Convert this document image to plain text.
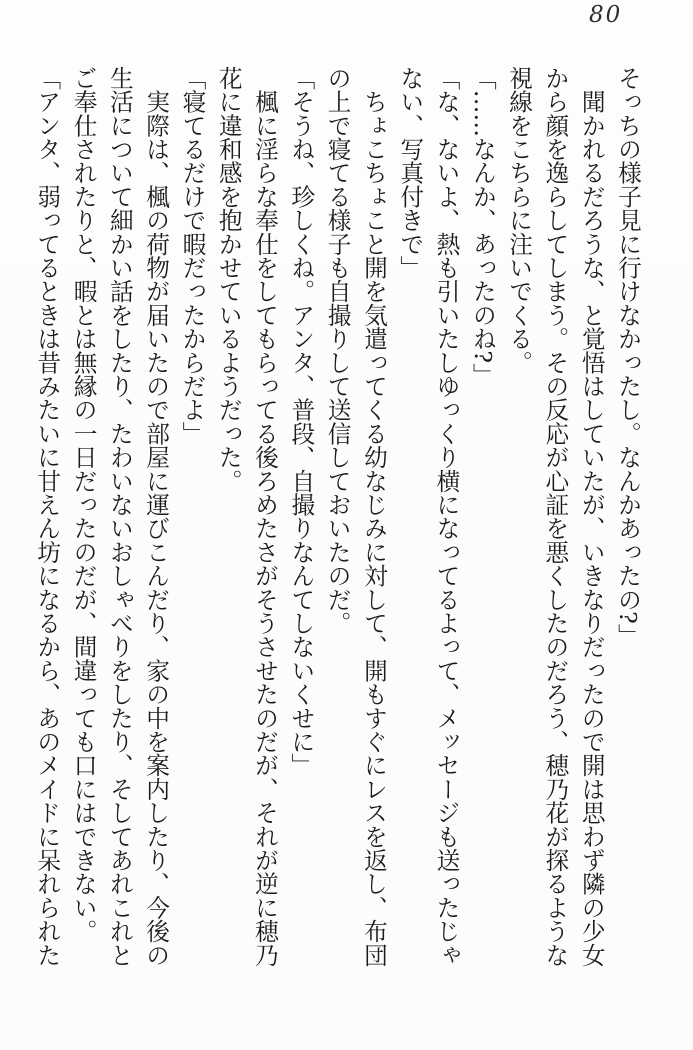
80
そっちの様子見に行けなかったし。なんかあったの?」
　聞かれるだろうな、と覚悟はしていたが、いきなりだったので開は思わず隣の少女
から顔を逸らしてしまう。その反応が心証を悪くしたのだろう、穂乃花が探るような
視線をこちらに注いでくる。
「……なんか、あったのね?」
「な、ないよ、熱も引いたしゆっくり横になってるよって、メッセージも送ったじゃ
ない、写真付きで」
　ちょこちょこと開を気遣ってくる幼なじみに対して、開もすぐにレスを返し、布団
の上で寝てる様子も自撮りして送信しておいたのだ。
「そうね、珍しくね。アンタ、普段、自撮りなんてしないくせに」
　楓に淫らな奉仕をしてもらってる後ろめたさがそうさせたのだが、それが逆に穂乃
花に違和感を抱かせているようだった。
「寝てるだけで暇だったからだよ」
　実際は、楓の荷物が届いたので部屋に運びこんだり、家の中を案内したり、今後の
生活について細かい話をしたり、たわいないおしゃべりをしたり、そしてあれこれと
ご奉仕されたりと、暇とは無縁の一日だったのだが、間違っても口にはできない。
「アンタ、弱ってるときは昔みたいに甘えん坊になるから、あのメイドに呆れられた
